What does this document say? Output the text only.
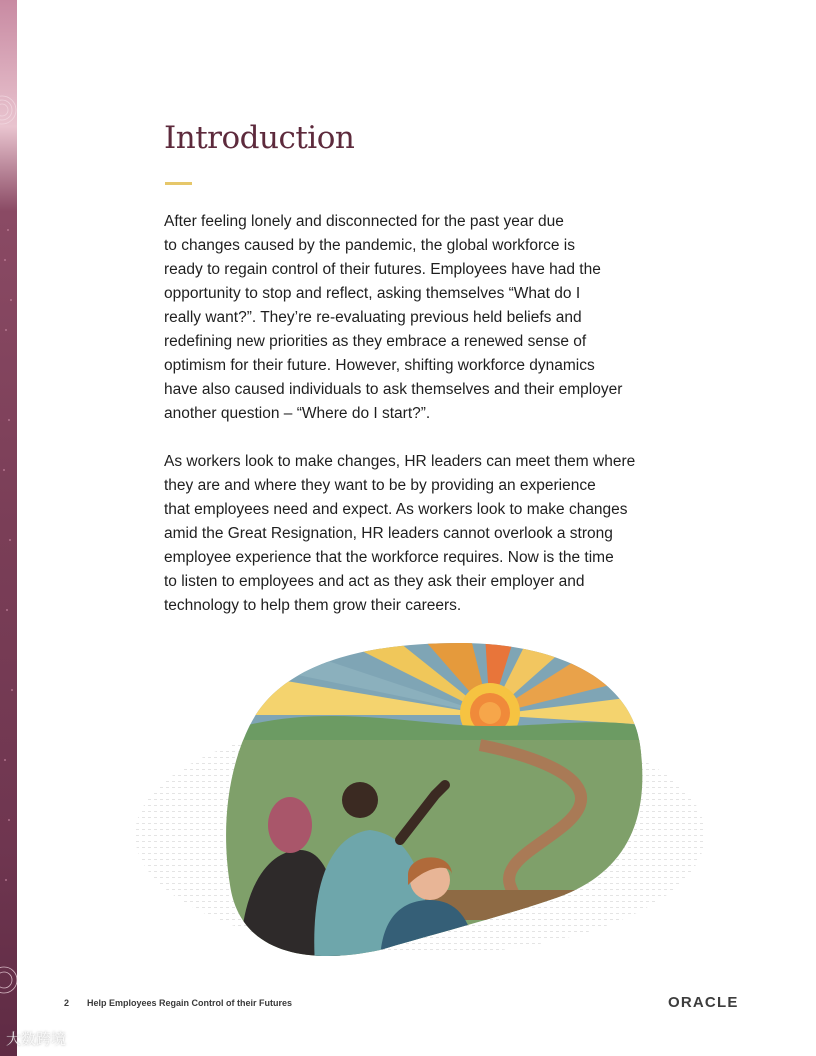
Introduction
After feeling lonely and disconnected for the past year due
to changes caused by the pandemic, the global workforce is
ready to regain control of their futures. Employees have had the
opportunity to stop and reflect, asking themselves “What do I
really want?”. They’re re-evaluating previous held beliefs and
redefining new priorities as they embrace a renewed sense of
optimism for their future. However, shifting workforce dynamics
have also caused individuals to ask themselves and their employer
another question – “Where do I start?”.
As workers look to make changes, HR leaders can meet them where
they are and where they want to be by providing an experience
that employees need and expect. As workers look to make changes
amid the Great Resignation, HR leaders cannot overlook a strong
employee experience that the workforce requires. Now is the time
to listen to employees and act as they ask their employer and
technology to help them grow their careers.
2 Help Employees Regain Control of their Futures	ORACLE
大数跨境
